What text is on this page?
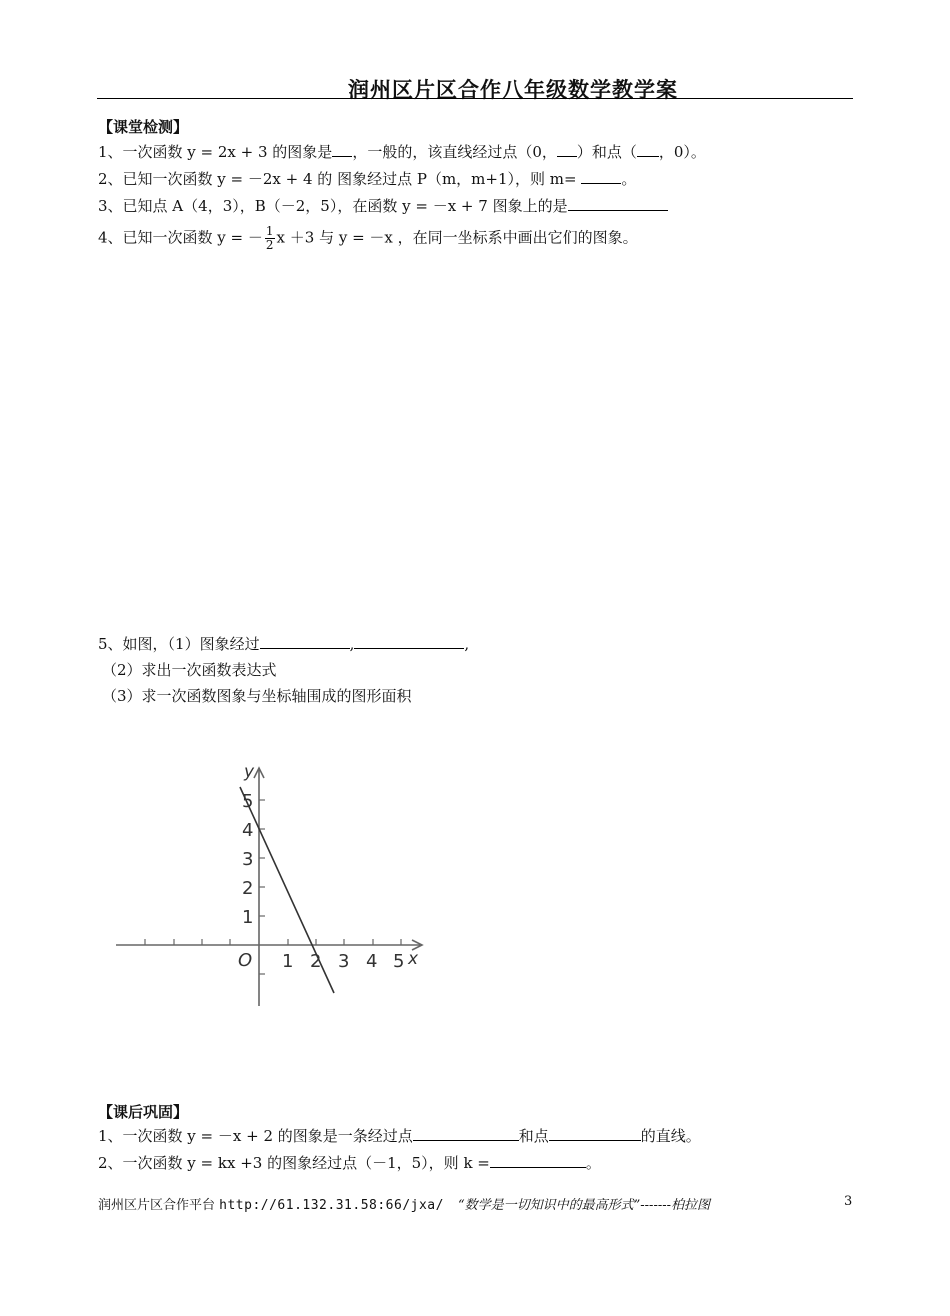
润州区片区合作八年级数学教学案
【课堂检测】
1、一次函数 y = 2x + 3 的图象是 ，一般的，该直线经过点（0， ）和点（ ，0）。
2、已知一次函数 y = －2x + 4 的 图象经过点 P（m，m+1），则 m=	。
3、已知点 A（4，3），B（－2，5），在函数 y = －x + 7 图象上的是
4、已知一次函数 y = － $\frac{1}{2}$ x ＋3 与 y = －x ，在同一坐标系中画出它们的图象。
5、如图，（1）图象经过	,	,
（2）求出一次函数表达式
（3）求一次函数图象与坐标轴围成的图形面积
y
x
O 1 2 3 4 5
1
2
3
4
5
【课后巩固】
1、一次函数 y = －x + 2 的图象是一条经过点	和点	的直线。
2、一次函数 y = kx +3 的图象经过点（－1，5），则 k =	。
润州区片区合作平台 http://61.132.31.58:66/jxa/ “数学是一切知识中的最高形式”-------柏拉图	3
